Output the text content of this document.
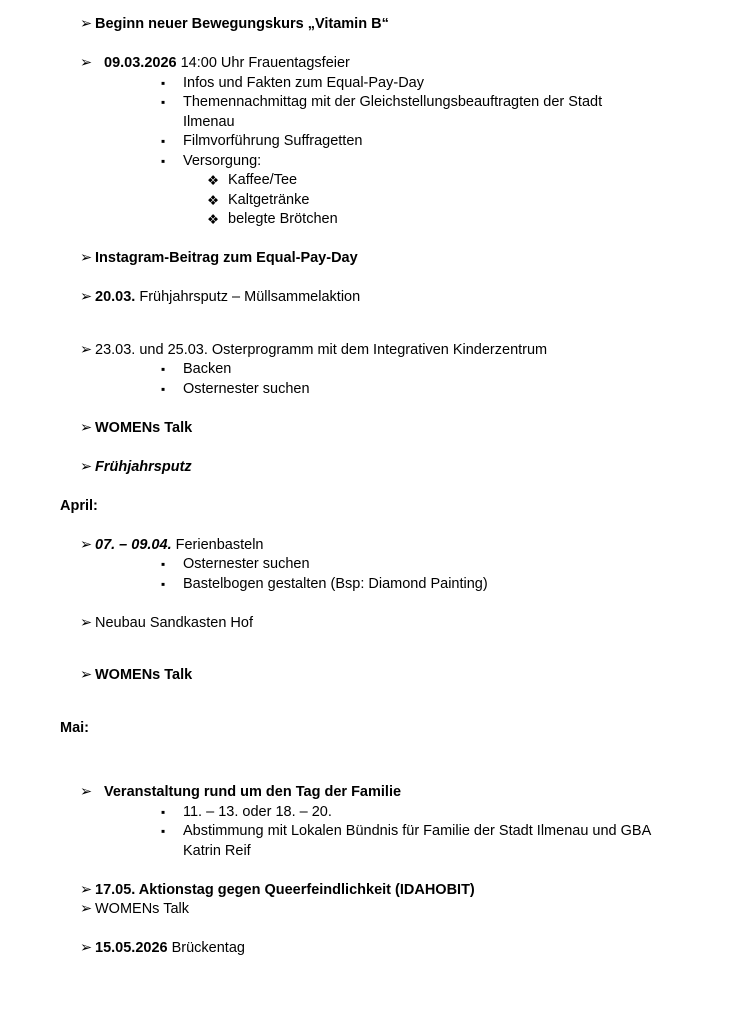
➢ Beginn neuer Bewegungskurs „Vitamin B“
➢ 09.03.2026 14:00 Uhr Frauentagsfeier
▪	Infos und Fakten zum Equal-Pay-Day
▪	Themennachmittag mit der Gleichstellungsbeauftragten der Stadt Ilmenau
▪	Filmvorführung Suffragetten
▪	Versorgung:
❖ Kaffee/Tee
❖ Kaltgetränke
❖ belegte Brötchen
➢ Instagram-Beitrag zum Equal-Pay-Day
➢ 20.03. Frühjahrsputz – Müllsammelaktion
➢ 23.03. und 25.03. Osterprogramm mit dem Integrativen Kinderzentrum
▪	Backen
▪	Osternester suchen
➢ WOMENs Talk
➢ Frühjahrsputz
April:
➢ 07. – 09.04. Ferienbasteln
▪	Osternester suchen
▪	Bastelbogen gestalten (Bsp: Diamond Painting)
➢ Neubau Sandkasten Hof
➢ WOMENs Talk
Mai:
➢ Veranstaltung rund um den Tag der Familie
▪	11. – 13. oder 18. – 20.
▪	Abstimmung mit Lokalen Bündnis für Familie der Stadt Ilmenau und GBA Katrin Reif
➢ 17.05. Aktionstag gegen Queerfeindlichkeit (IDAHOBIT)
➢ WOMENs Talk
➢ 15.05.2026 Brückentag
